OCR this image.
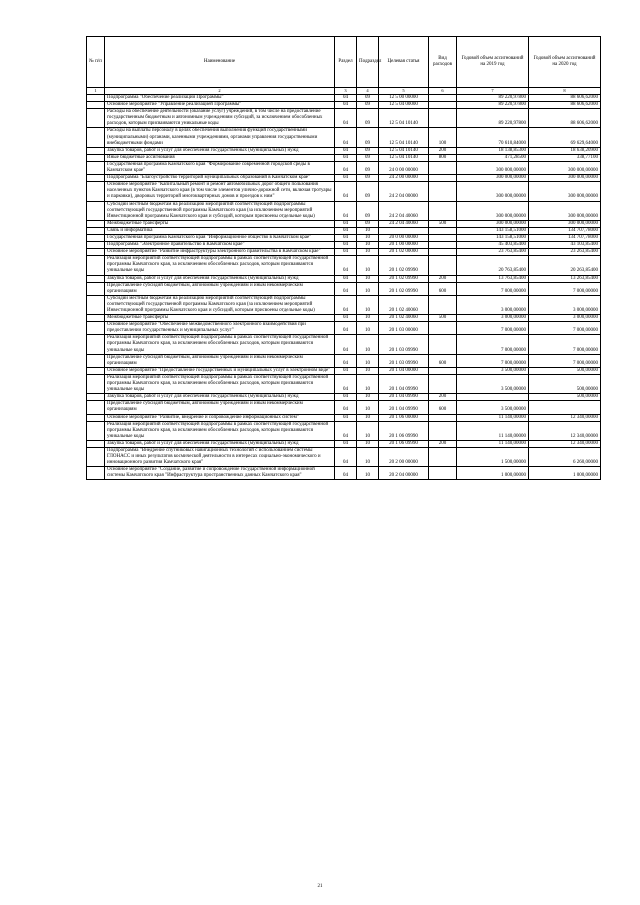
№ п/п	Наименование	Раздел	Подраздел	Целевая статья	Вид расходов	Годовой объем ассигнований на 2019 год	Годовой объем ассигнований на 2020 год
1	2	3	4	5	6	7	8
	Подпрограмма "Обеспечение реализации Программы"	04	09	12 5 00 00000		89 220,97800	88 606,62000
	Основное мероприятие "Управление реализацией Программы"	04	09	12 5 04 00000		89 220,97800	88 606,62000
	Расходы на обеспечение деятельности (оказание услуг) учреждений, в том числе на предоставление государственным бюджетным и автономным учреждениям субсидий, за исключением обособленных расходов, которым присваиваются уникальные коды	04	09	12 5 04 10140		89 220,97800	88 606,62000
	Расходы на выплаты персоналу в целях обеспечения выполнения функций государственными (муниципальными) органами, казенными учреждениями, органами управления государственными внебюджетными фондами	04	09	12 5 04 10140	100	70 610,84000	69 629,64000
	Закупка товаров, работ и услуг для обеспечения государственных (муниципальных) нужд	04	09	12 5 04 10140	200	18 138,85300	18 638,20900
	Иные бюджетные ассигнования	04	09	12 5 04 10140	800	471,28500	338,77100
	Государственная программа Камчатского края "Формирование современной городской среды в Камчатском крае"	04	09	24 0 00 00000		300 000,00000	300 000,00000
	Подпрограмма "Благоустройство территорий муниципальных образований в Камчатском крае"	04	09	24 2 00 00000		300 000,00000	300 000,00000
	Основное мероприятие "Капитальный ремонт и ремонт автомобильных дорог общего пользования населенных пунктов Камчатского края (в том числе элементов улично-дорожной сети, включая тротуары и парковки), дворовых территорий многоквартирных домов и проездов к ним"	04	09	24 2 04 00000		300 000,00000	300 000,00000
	Субсидии местным бюджетам на реализацию мероприятий соответствующей подпрограммы соответствующей государственной программы Камчатского края (за исключением мероприятий Инвестиционной программы Камчатского края и субсидий, которым присвоены отдельные коды)	04	09	24 2 04 40060		300 000,00000	300 000,00000
	Межбюджетные трансферты	04	09	24 2 04 40060	500	300 000,00000	300 000,00000
	Связь и информатика	04	10			143 158,51000	134 707,78000
	Государственная программа Камчатского края "Информационное общество в Камчатском крае"	04	10	20 0 00 00000		143 158,51000	134 707,78000
	Подпрограмма "Электронное правительство в Камчатском крае"	04	10	20 1 00 00000		45 403,85400	43 103,85400
	Основное мероприятие "Развитие инфраструктуры электронного правительства в Камчатском крае"	04	10	20 1 02 00000		23 763,85400	23 263,85400
	Реализация мероприятий соответствующей подпрограммы в рамках соответствующей государственной программы Камчатского края, за исключением обособленных расходов, которым присваиваются уникальные коды	04	10	20 1 02 09990		20 763,85400	20 263,85400
	Закупка товаров, работ и услуг для обеспечения государственных (муниципальных) нужд	04	10	20 1 02 09990	200	13 763,85400	13 263,85400
	Предоставление субсидий бюджетным, автономным учреждениям и иным некоммерческим организациям	04	10	20 1 02 09990	600	7 000,00000	7 000,00000
	Субсидии местным бюджетам на реализацию мероприятий соответствующей подпрограммы соответствующей государственной программы Камчатского края (за исключением мероприятий Инвестиционной программы Камчатского края и субсидий, которым присвоены отдельные коды)	04	10	20 1 02 40060		3 000,00000	3 000,00000
	Межбюджетные трансферты	04	10	20 1 02 40060	500	3 000,00000	3 000,00000
	Основное мероприятие "Обеспечение межведомственного электронного взаимодействия при предоставлении государственных и муниципальных услуг"	04	10	20 1 03 00000		7 000,00000	7 000,00000
	Реализация мероприятий соответствующей подпрограммы в рамках соответствующей государственной программы Камчатского края, за исключением обособленных расходов, которым присваиваются уникальные коды	04	10	20 1 03 09990		7 000,00000	7 000,00000
	Предоставление субсидий бюджетным, автономным учреждениям и иным некоммерческим организациям	04	10	20 1 03 09990	600	7 000,00000	7 000,00000
	Основное мероприятие "Предоставление государственных и муниципальных услуг в электронном виде"	04	10	20 1 04 00000		3 500,00000	500,00000
	Реализация мероприятий соответствующей подпрограммы в рамках соответствующей государственной программы Камчатского края, за исключением обособленных расходов, которым присваиваются уникальные коды	04	10	20 1 04 09990		3 500,00000	500,00000
	Закупка товаров, работ и услуг для обеспечения государственных (муниципальных) нужд	04	10	20 1 04 09990	200		500,00000
	Предоставление субсидий бюджетным, автономным учреждениям и иным некоммерческим организациям	04	10	20 1 04 09990	600	3 500,00000	
	Основное мероприятие "Развитие, внедрение и сопровождение информационных систем"	04	10	20 1 06 00000		11 140,00000	12 340,00000
	Реализация мероприятий соответствующей подпрограммы в рамках соответствующей государственной программы Камчатского края, за исключением обособленных расходов, которым присваиваются уникальные коды	04	10	20 1 06 09990		11 140,00000	12 340,00000
	Закупка товаров, работ и услуг для обеспечения государственных (муниципальных) нужд	04	10	20 1 06 09990	200	11 140,00000	12 340,00000
	Подпрограмма "Внедрение спутниковых навигационных технологий с использованием системы ГЛОНАСС и иных результатов космической деятельности в интересах социально-экономического и инновационного развития Камчатского края"	04	10	20 2 00 00000		1 500,00000	6 260,00000
	Основное мероприятие "Создание, развитие и сопровождение государственной информационной системы Камчатского края "Инфраструктура пространственных данных Камчатского края"	04	10	20 2 04 00000		1 000,00000	1 000,00000
21
